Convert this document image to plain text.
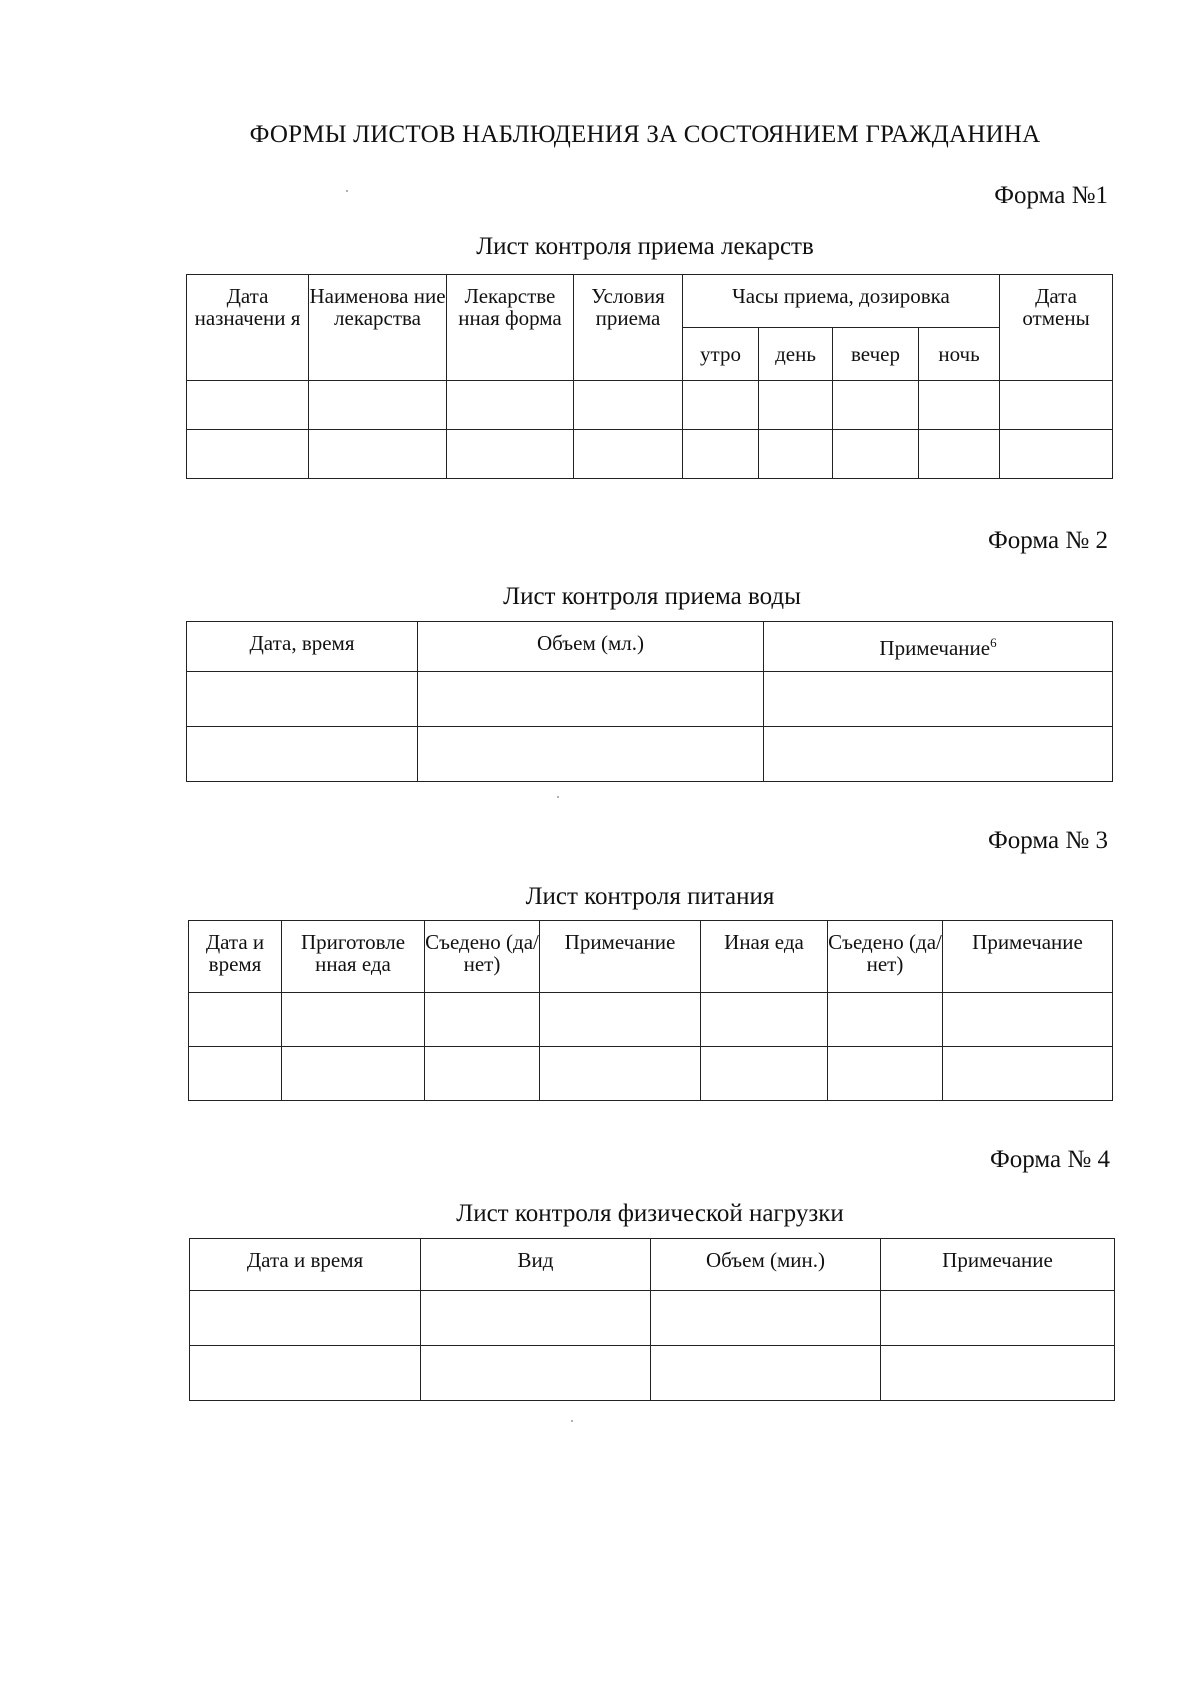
ФОРМЫ ЛИСТОВ НАБЛЮДЕНИЯ ЗА СОСТОЯНИЕМ ГРАЖДАНИНА
Форма №1
Лист контроля приема лекарств
Дата назначени я	Наименова ние лекарства	Лекарстве нная форма	Условия приема	Часы приема, дозировка				Дата отмены
				утро	день	вечер	ночь	

Форма № 2
Лист контроля приема воды
Дата, время	Объем (мл.)	Примечание$^6$

Форма № 3
Лист контроля питания
Дата и время	Приготовле нная еда	Съедено (да/нет)	Примечание	Иная еда	Съедено (да/нет)	Примечание

Форма № 4
Лист контроля физической нагрузки
Дата и время	Вид	Объем (мин.)	Примечание
